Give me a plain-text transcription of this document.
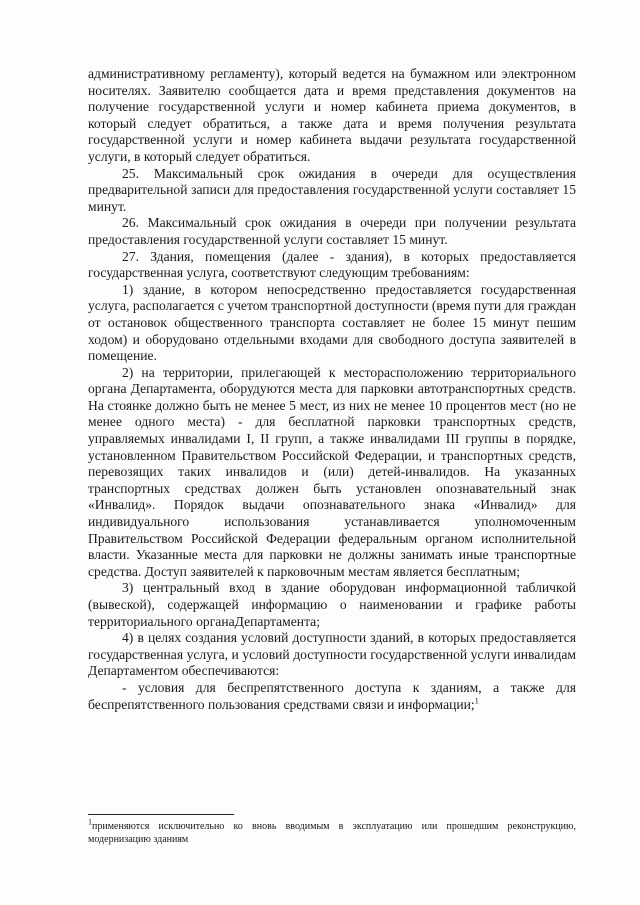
административному регламенту), который ведется на бумажном или электронном носителях. Заявителю сообщается дата и время представления документов на получение государственной услуги и номер кабинета приема документов, в который следует обратиться, а также дата и время получения результата государственной услуги и номер кабинета выдачи результата государственной услуги, в который следует обратиться.

25. Максимальный срок ожидания в очереди для осуществления предварительной записи для предоставления государственной услуги составляет 15 минут.

26. Максимальный срок ожидания в очереди при получении результата предоставления государственной услуги составляет 15 минут.

27. Здания, помещения (далее - здания), в которых предоставляется государственная услуга, соответствуют следующим требованиям:

1) здание, в котором непосредственно предоставляется государственная услуга, располагается с учетом транспортной доступности (время пути для граждан от остановок общественного транспорта составляет не более 15 минут пешим ходом) и оборудовано отдельными входами для свободного доступа заявителей в помещение.

2) на территории, прилегающей к месторасположению территориального органа Департамента, оборудуются места для парковки автотранспортных средств. На стоянке должно быть не менее 5 мест, из них не менее 10 процентов мест (но не менее одного места) - для бесплатной парковки транспортных средств, управляемых инвалидами I, II групп, а также инвалидами III группы в порядке, установленном Правительством Российской Федерации, и транспортных средств, перевозящих таких инвалидов и (или) детей-инвалидов. На указанных транспортных средствах должен быть установлен опознавательный знак «Инвалид». Порядок выдачи опознавательного знака «Инвалид» для индивидуального использования устанавливается уполномоченным Правительством Российской Федерации федеральным органом исполнительной власти. Указанные места для парковки не должны занимать иные транспортные средства. Доступ заявителей к парковочным местам является бесплатным;

3) центральный вход в здание оборудован информационной табличкой (вывеской), содержащей информацию о наименовании и графике работы территориального органаДепартамента;

4) в целях создания условий доступности зданий, в которых предоставляется государственная услуга, и условий доступности государственной услуги инвалидам Департаментом обеспечиваются:

- условия для беспрепятственного доступа к зданиям, а также для беспрепятственного пользования средствами связи и информации;$^1$

$^1$применяются исключительно ко вновь вводимым в эксплуатацию или прошедшим реконструкцию, модернизацию зданиям
